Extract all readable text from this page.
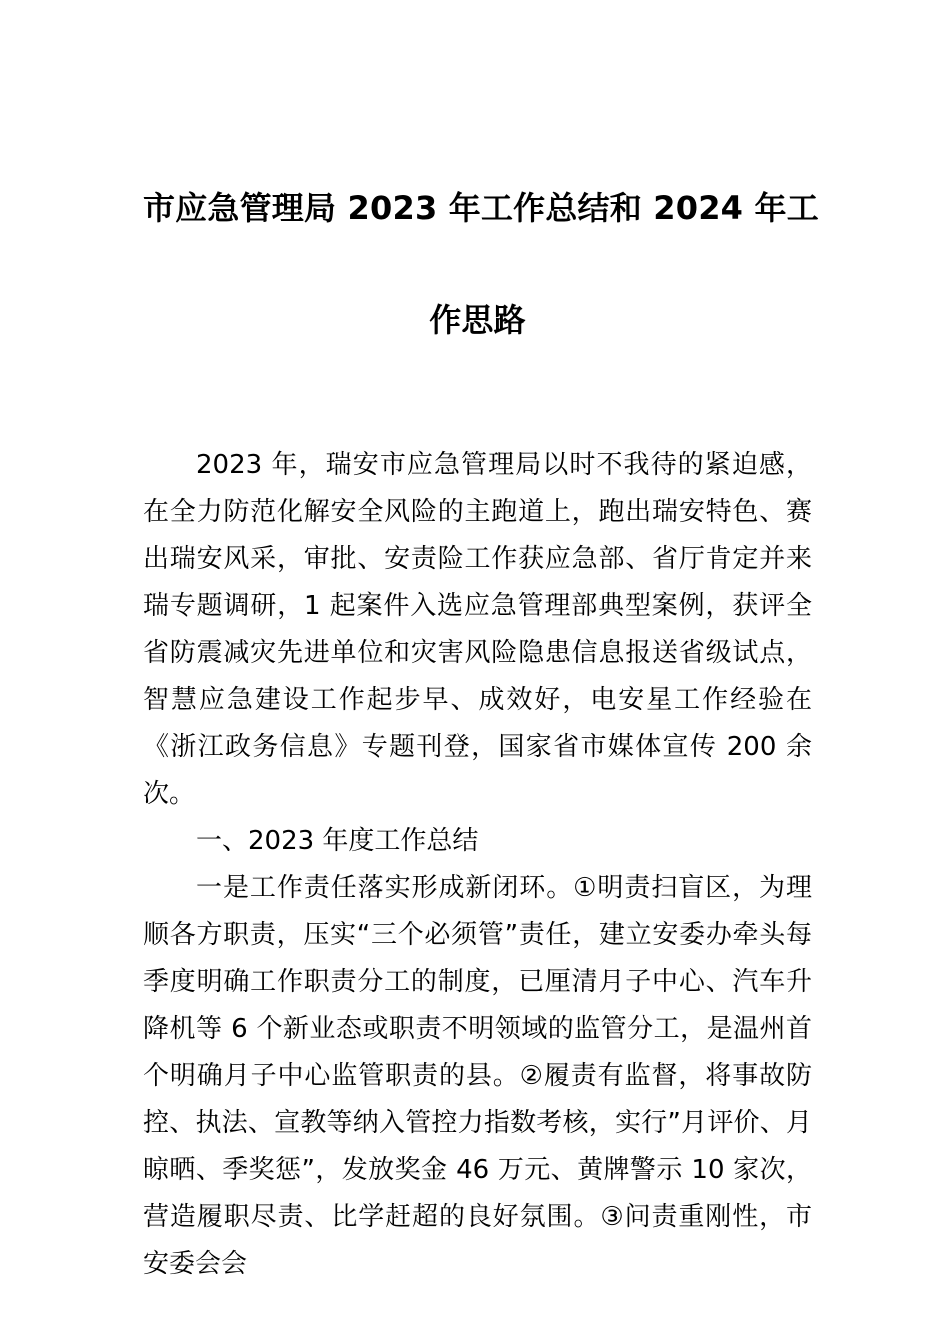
市应急管理局 2023 年工作总结和 2024 年工
作思路

2023 年，瑞安市应急管理局以时不我待的紧迫感，在全力防范化解安全风险的主跑道上，跑出瑞安特色、赛出瑞安风采，审批、安责险工作获应急部、省厅肯定并来瑞专题调研，1 起案件入选应急管理部典型案例，获评全省防震减灾先进单位和灾害风险隐患信息报送省级试点，智慧应急建设工作起步早、成效好，电安星工作经验在《浙江政务信息》专题刊登，国家省市媒体宣传 200 余次。

一、2023 年度工作总结

一是工作责任落实形成新闭环。①明责扫盲区，为理顺各方职责，压实“三个必须管”责任，建立安委办牵头每季度明确工作职责分工的制度，已厘清月子中心、汽车升降机等 6 个新业态或职责不明领域的监管分工，是温州首个明确月子中心监管职责的县。②履责有监督，将事故防控、执法、宣教等纳入管控力指数考核，实行”月评价、月晾晒、季奖惩”，发放奖金 46 万元、黄牌警示 10 家次，营造履职尽责、比学赶超的良好氛围。③问责重刚性，市安委会会
